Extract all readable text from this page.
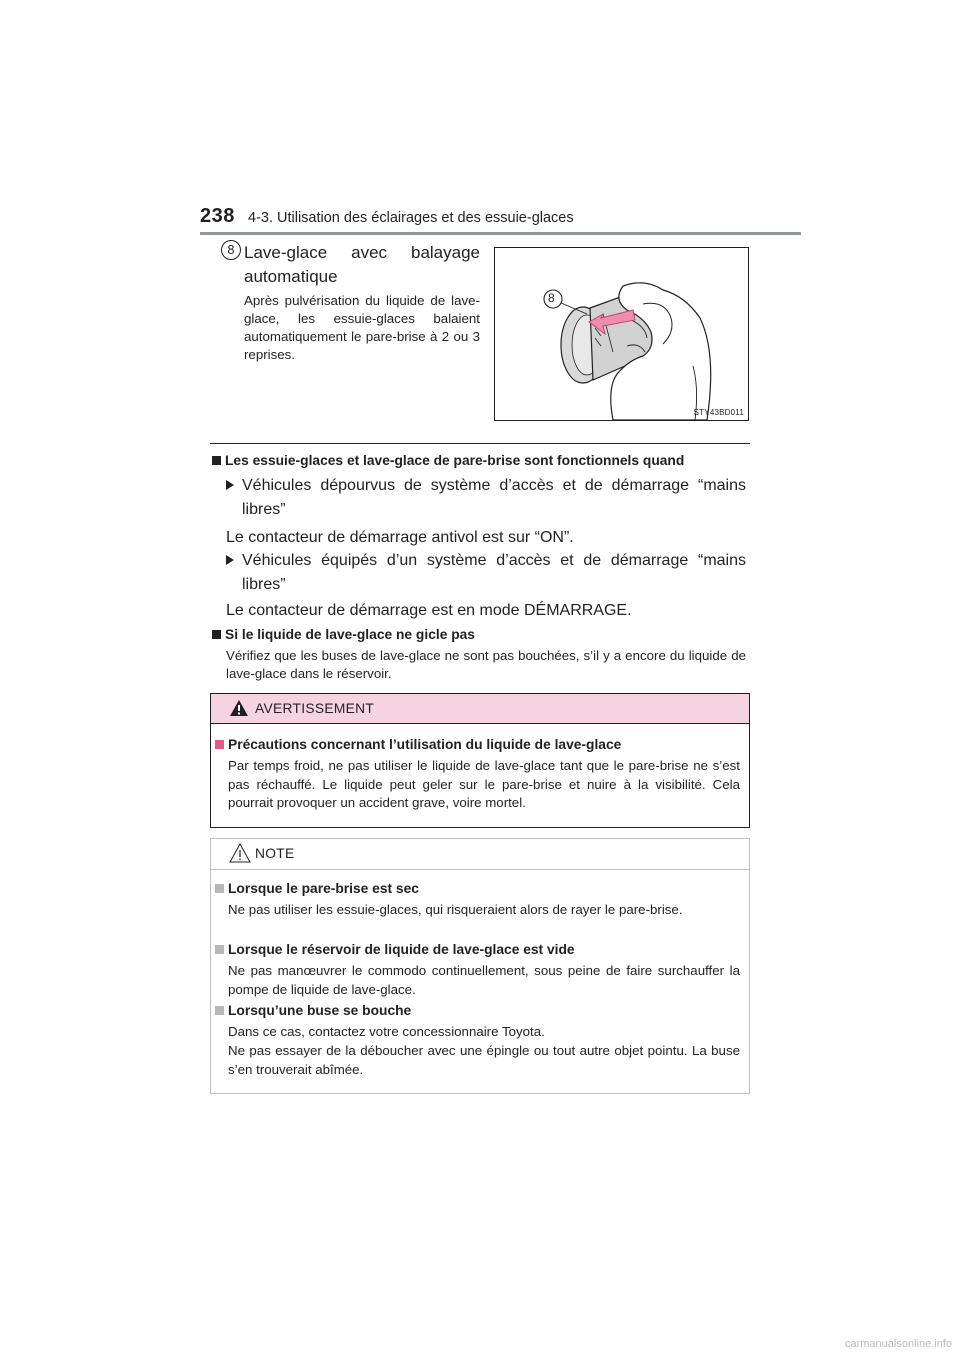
238 4-3. Utilisation des éclairages et des essuie-glaces
8 Lave-glace avec balayage
automatique
Après pulvérisation du liquide de lave-glace, les essuie-glaces balaient automatiquement le pare-brise à 2 ou 3 reprises.
8
STY43BD011
Les essuie-glaces et lave-glace de pare-brise sont fonctionnels quand
Véhicules dépourvus de système d’accès et de démarrage “mains libres”
Le contacteur de démarrage antivol est sur “ON”.
Véhicules équipés d’un système d’accès et de démarrage “mains libres”
Le contacteur de démarrage est en mode DÉMARRAGE.
Si le liquide de lave-glace ne gicle pas
Vérifiez que les buses de lave-glace ne sont pas bouchées, s’il y a encore du liquide de lave-glace dans le réservoir.
AVERTISSEMENT
Précautions concernant l’utilisation du liquide de lave-glace
Par temps froid, ne pas utiliser le liquide de lave-glace tant que le pare-brise ne s’est pas réchauffé. Le liquide peut geler sur le pare-brise et nuire à la visibilité. Cela pourrait provoquer un accident grave, voire mortel.
NOTE
Lorsque le pare-brise est sec
Ne pas utiliser les essuie-glaces, qui risqueraient alors de rayer le pare-brise.
Lorsque le réservoir de liquide de lave-glace est vide
Ne pas manœuvrer le commodo continuellement, sous peine de faire surchauffer la pompe de liquide de lave-glace.
Lorsqu’une buse se bouche
Dans ce cas, contactez votre concessionnaire Toyota.
Ne pas essayer de la déboucher avec une épingle ou tout autre objet pointu. La buse s’en trouverait abîmée.
carmanualsonline.info
